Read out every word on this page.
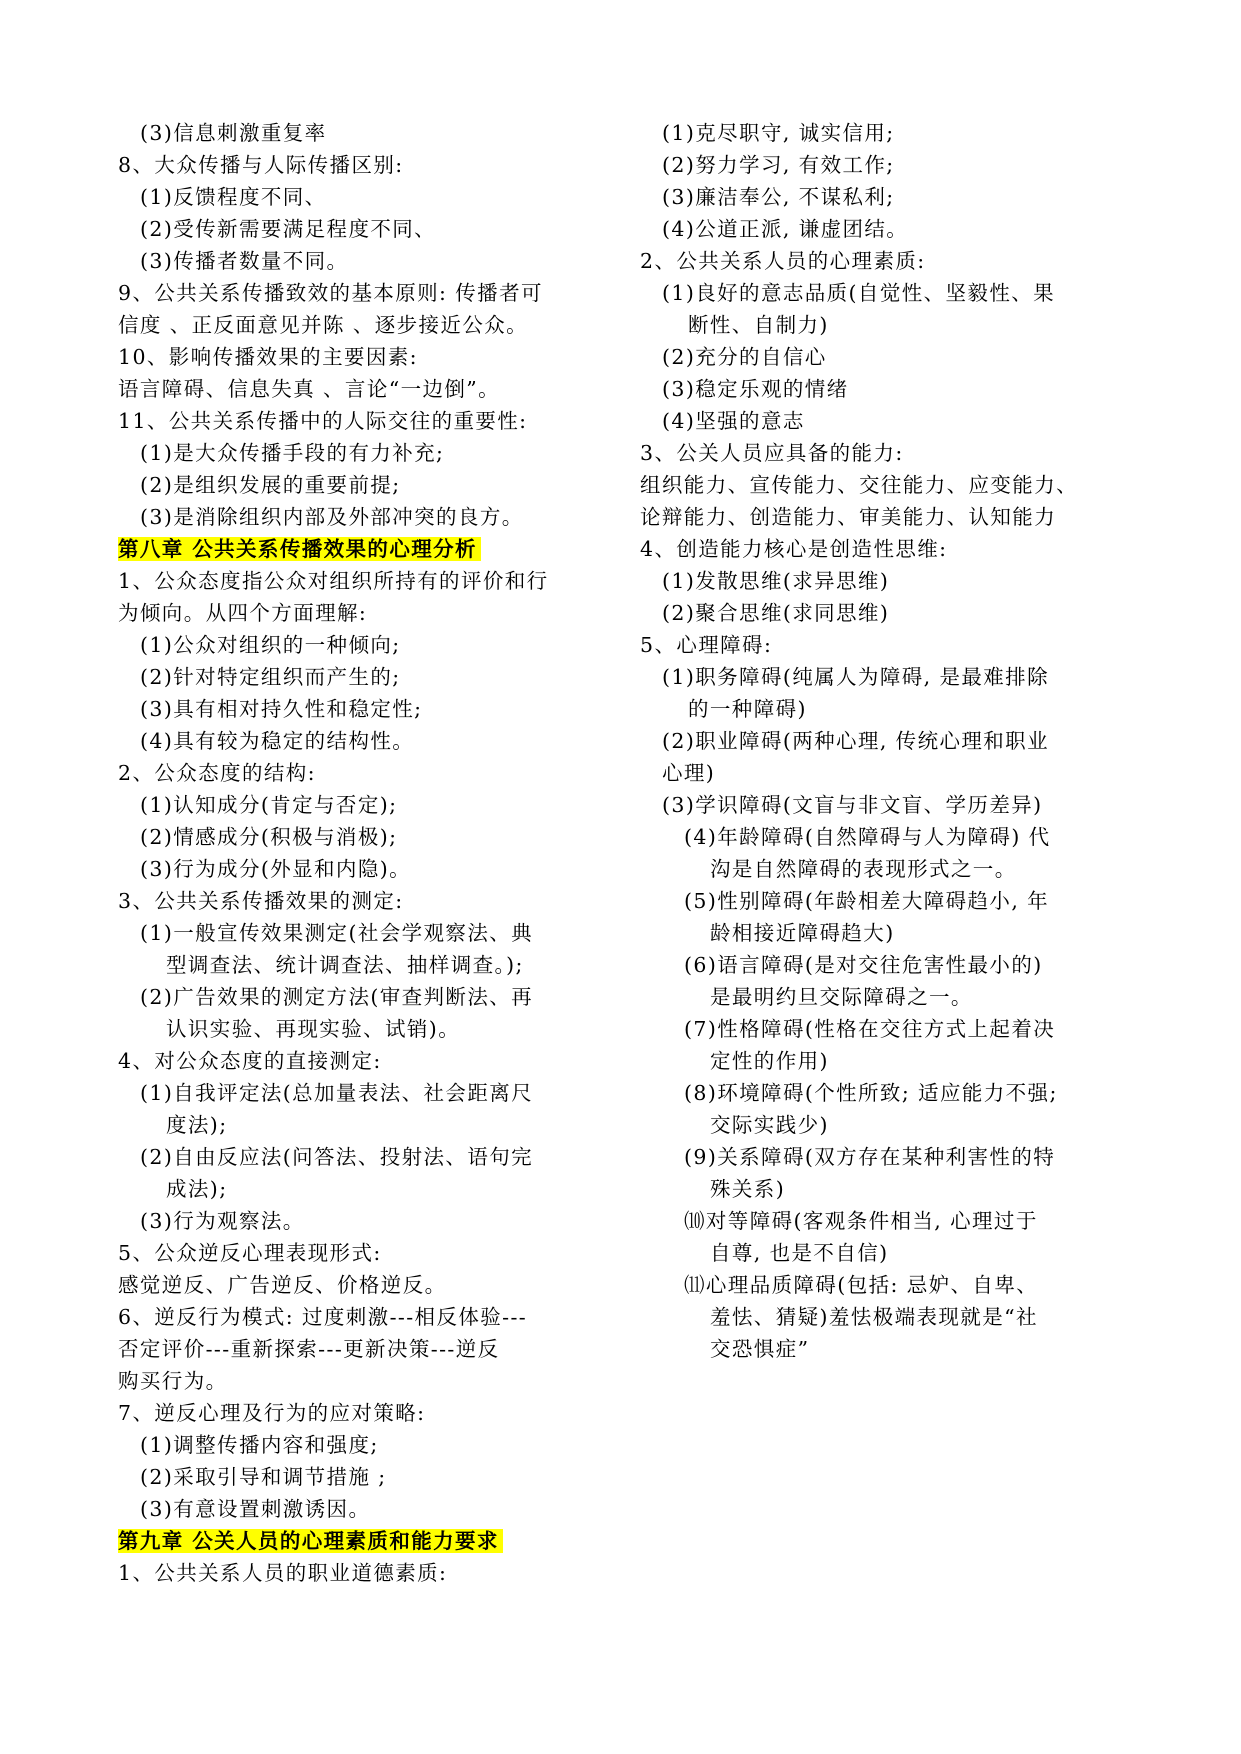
(3)信息刺激重复率
8、大众传播与人际传播区别:
(1)反馈程度不同、
(2)受传新需要满足程度不同、
(3)传播者数量不同。
9、公共关系传播致效的基本原则: 传播者可
信度 、正反面意见并陈 、逐步接近公众。
10、影响传播效果的主要因素:
语言障碍、信息失真 、言论“一边倒”。
11、公共关系传播中的人际交往的重要性:
(1)是大众传播手段的有力补充;
(2)是组织发展的重要前提;
(3)是消除组织内部及外部冲突的良方。
第八章 公共关系传播效果的心理分析
1、公众态度指公众对组织所持有的评价和行
为倾向。从四个方面理解:
(1)公众对组织的一种倾向;
(2)针对特定组织而产生的;
(3)具有相对持久性和稳定性;
(4)具有较为稳定的结构性。
2、公众态度的结构:
(1)认知成分(肯定与否定);
(2)情感成分(积极与消极);
(3)行为成分(外显和内隐)。
3、公共关系传播效果的测定:
(1)一般宣传效果测定(社会学观察法、典
型调查法、统计调查法、抽样调查。);
(2)广告效果的测定方法(审查判断法、再
认识实验、再现实验、试销)。
4、对公众态度的直接测定:
(1)自我评定法(总加量表法、社会距离尺
度法);
(2)自由反应法(问答法、投射法、语句完
成法);
(3)行为观察法。
5、公众逆反心理表现形式:
感觉逆反、广告逆反、价格逆反。
6、逆反行为模式: 过度刺激---相反体验---
否定评价---重新探索---更新决策---逆反
购买行为。
7、逆反心理及行为的应对策略:
(1)调整传播内容和强度;
(2)采取引导和调节措施 ;
(3)有意设置刺激诱因。
第九章 公关人员的心理素质和能力要求
1、公共关系人员的职业道德素质:
(1)克尽职守, 诚实信用;
(2)努力学习, 有效工作;
(3)廉洁奉公, 不谋私利;
(4)公道正派, 谦虚团结。
2、公共关系人员的心理素质:
(1)良好的意志品质(自觉性、坚毅性、果
断性、自制力)
(2)充分的自信心
(3)稳定乐观的情绪
(4)坚强的意志
3、公关人员应具备的能力:
组织能力、宣传能力、交往能力、应变能力、
论辩能力、创造能力、审美能力、认知能力
4、创造能力核心是创造性思维:
(1)发散思维(求异思维)
(2)聚合思维(求同思维)
5、心理障碍:
(1)职务障碍(纯属人为障碍, 是最难排除
的一种障碍)
(2)职业障碍(两种心理, 传统心理和职业
心理)
(3)学识障碍(文盲与非文盲、学历差异)
(4)年龄障碍(自然障碍与人为障碍) 代
沟是自然障碍的表现形式之一。
(5)性别障碍(年龄相差大障碍趋小, 年
龄相接近障碍趋大)
(6)语言障碍(是对交往危害性最小的)
是最明约旦交际障碍之一。
(7)性格障碍(性格在交往方式上起着决
定性的作用)
(8)环境障碍(个性所致; 适应能力不强;
交际实践少)
(9)关系障碍(双方存在某种利害性的特
殊关系)
⑽对等障碍(客观条件相当, 心理过于
自尊, 也是不自信)
⑾心理品质障碍(包括: 忌妒、自卑、
羞怯、猜疑)羞怯极端表现就是“社
交恐惧症”
